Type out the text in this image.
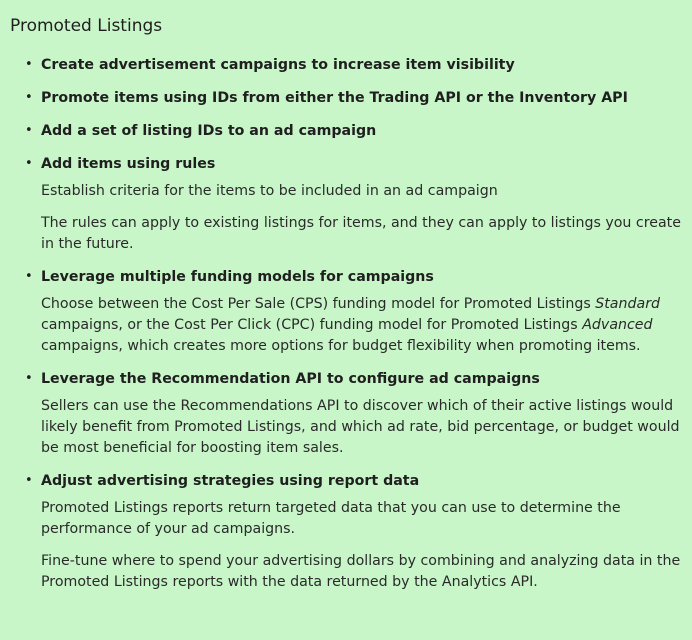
Promoted Listings
• Create advertisement campaigns to increase item visibility
• Promote items using IDs from either the Trading API or the Inventory API
• Add a set of listing IDs to an ad campaign
• Add items using rules
Establish criteria for the items to be included in an ad campaign
The rules can apply to existing listings for items, and they can apply to listings you create in the future.
• Leverage multiple funding models for campaigns
Choose between the Cost Per Sale (CPS) funding model for Promoted Listings Standard campaigns, or the Cost Per Click (CPC) funding model for Promoted Listings Advanced campaigns, which creates more options for budget flexibility when promoting items.
• Leverage the Recommendation API to configure ad campaigns
Sellers can use the Recommendations API to discover which of their active listings would likely benefit from Promoted Listings, and which ad rate, bid percentage, or budget would be most beneficial for boosting item sales.
• Adjust advertising strategies using report data
Promoted Listings reports return targeted data that you can use to determine the performance of your ad campaigns.
Fine-tune where to spend your advertising dollars by combining and analyzing data in the Promoted Listings reports with the data returned by the Analytics API.
